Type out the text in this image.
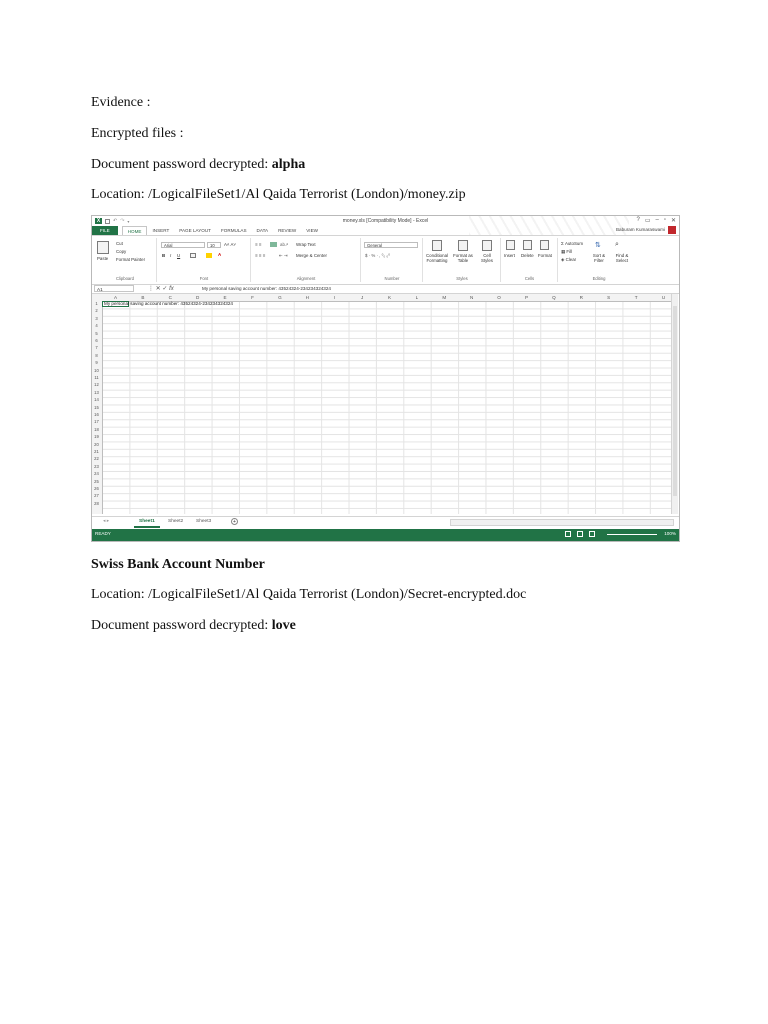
Evidence :
Encrypted files :
Document password decrypted: alpha
Location: /LogicalFileSet1/Al Qaida Terrorist (London)/money.zip
X	↶ ↷ ▾	money.xls [Compatibility Mode] - Excel	? ▭ – ▫ ✕
FILE	HOME	INSERT	PAGE LAYOUT	FORMULAS	DATA	REVIEW	VIEW	Baburam Kumaraswami
Paste
Cut
Copy
Format Painter
Clipboard
Arial	10	A˄ A˅
B I U	A
Font
≡ ≡	ab↗ Wrap Text
≡ ≡ ≡	⇤ ⇥ Merge & Center
Alignment
General
$ · % · , ⁰₀ ₀⁰
Number
Conditional Formatting
Format as Table
Cell Styles
Styles
Insert Delete Format
Cells
Σ AutoSum
▦ Fill
◈ Clear
⇅ ⌕
Sort & Filter
Find & Select
Editing
A1	⋮ ✕ ✓ fx	My personal saving account number: 43524324-234234324324
A	B	C	D	E	F	G	H	I	J	K	L	M	N	O	P	Q	R	S	T	U
1
2
3
4
5
6
7
8
9
10
11
12
13
14
15
16
17
18
19
20
21
22
23
24
25
26
27
28
My personal saving account number: 43524324-234234324324
◂ ▸	Sheet1	Sheet2	Sheet3	+
READY	100%
Swiss Bank Account Number
Location: /LogicalFileSet1/Al Qaida Terrorist (London)/Secret-encrypted.doc
Document password decrypted: love
